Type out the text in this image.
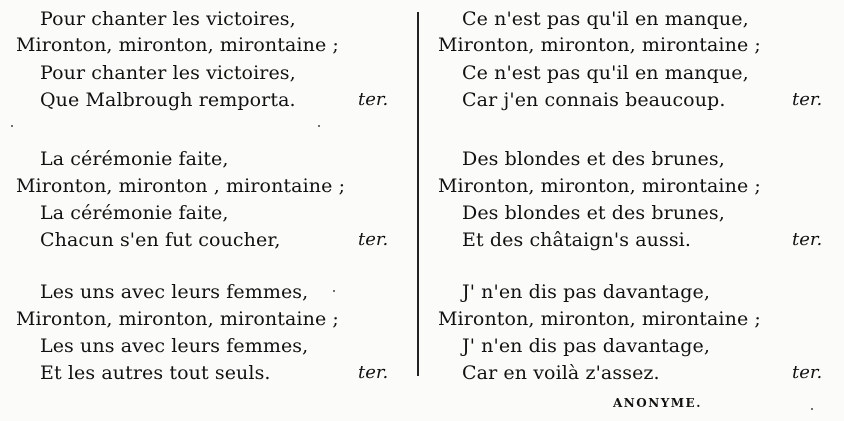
Pour chanter les victoires,
Mironton, mironton, mirontaine ;
Pour chanter les victoires,
Que Malbrough remporta.	ter.
La cérémonie faite,
Mironton, mironton , mirontaine ;
La cérémonie faite,
Chacun s'en fut coucher,	ter.
Les uns avec leurs femmes,
Mironton, mironton, mirontaine ;
Les uns avec leurs femmes,
Et les autres tout seuls.	ter.
Ce n'est pas qu'il en manque,
Mironton, mironton, mirontaine ;
Ce n'est pas qu'il en manque,
Car j'en connais beaucoup.	ter.
Des blondes et des brunes,
Mironton, mironton, mirontaine ;
Des blondes et des brunes,
Et des châtaign's aussi.	ter.
J' n'en dis pas davantage,
Mironton, mironton, mirontaine ;
J' n'en dis pas davantage,
Car en voilà z'assez.	ter.
ANONYME.
